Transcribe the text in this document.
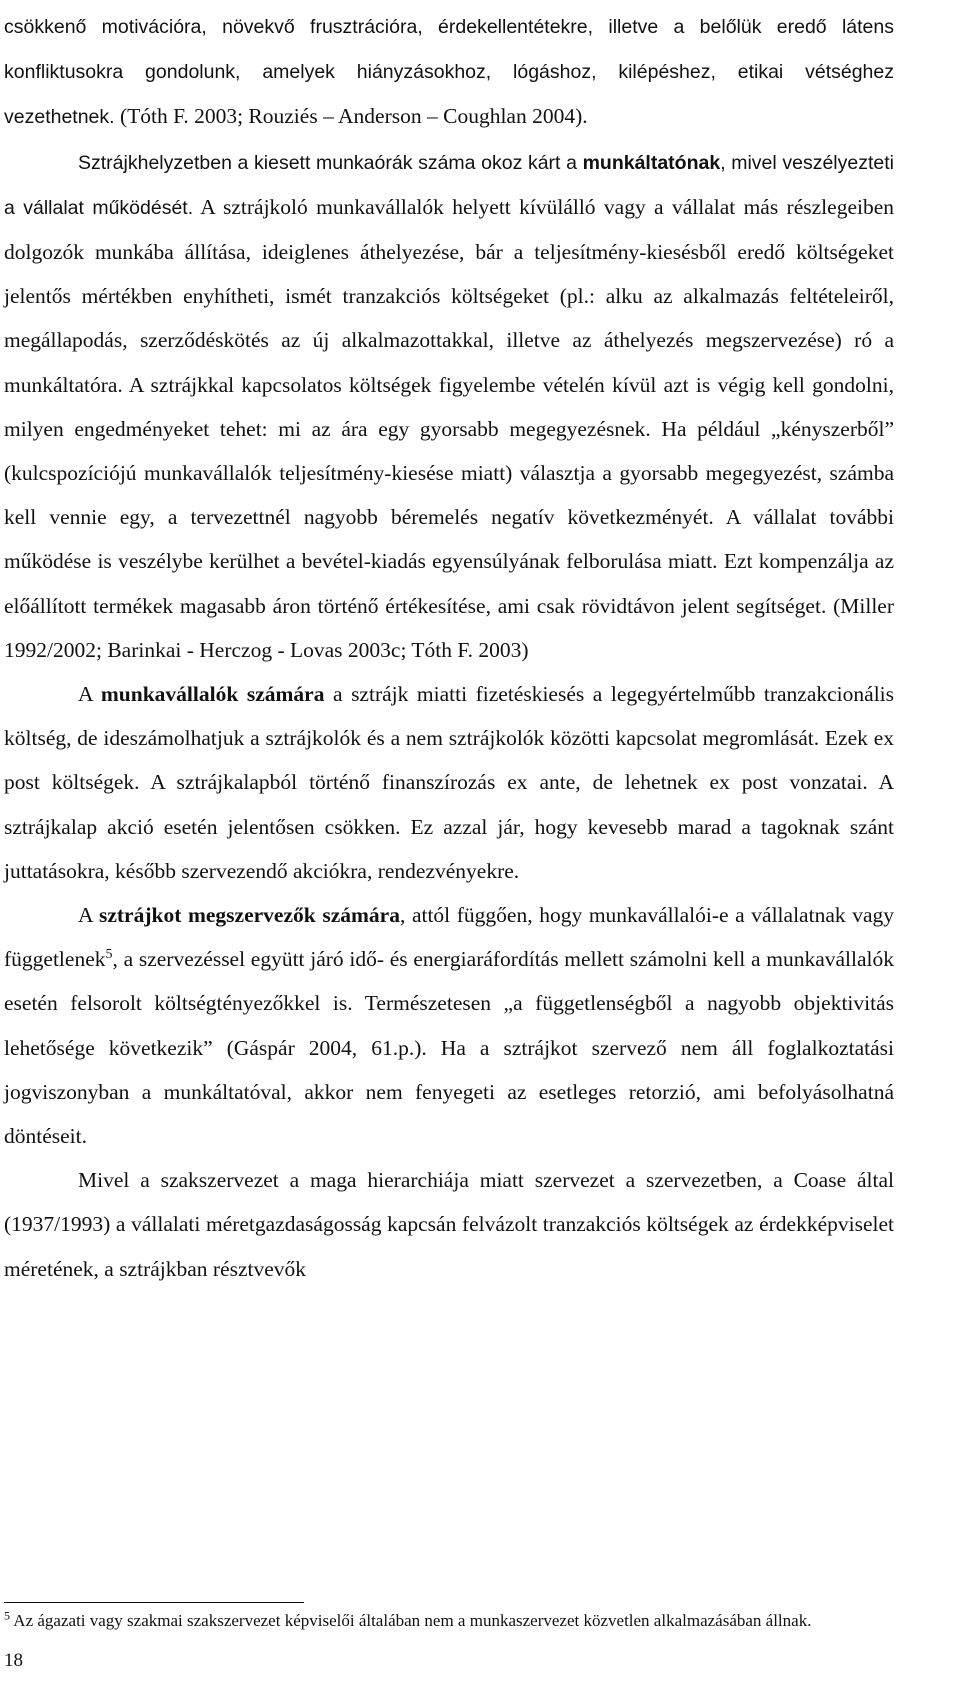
csökkenő motivációra, növekvő frusztrációra, érdekellentétekre, illetve a belőlük eredő látens konfliktusokra gondolunk, amelyek hiányzásokhoz, lógáshoz, kilépéshez, etikai vétséghez vezethetnek. (Tóth F. 2003; Rouziés – Anderson – Coughlan 2004).

Sztrájkhelyzetben a kiesett munkaórák száma okoz kárt a munkáltatónak, mivel veszélyezteti a vállalat működését. A sztrájkoló munkavállalók helyett kívülálló vagy a vállalat más részlegeiben dolgozók munkába állítása, ideiglenes áthelyezése, bár a teljesítmény-kiesésből eredő költségeket jelentős mértékben enyhítheti, ismét tranzakciós költségeket (pl.: alku az alkalmazás feltételeiről, megállapodás, szerződéskötés az új alkalmazottakkal, illetve az áthelyezés megszervezése) ró a munkáltatóra. A sztrájkkal kapcsolatos költségek figyelembe vételén kívül azt is végig kell gondolni, milyen engedményeket tehet: mi az ára egy gyorsabb megegyezésnek. Ha például „kényszerből” (kulcspozíciójú munkavállalók teljesítmény-kiesése miatt) választja a gyorsabb megegyezést, számba kell vennie egy, a tervezettnél nagyobb béremelés negatív következményét. A vállalat további működése is veszélybe kerülhet a bevétel-kiadás egyensúlyának felborulása miatt. Ezt kompenzálja az előállított termékek magasabb áron történő értékesítése, ami csak rövidtávon jelent segítséget. (Miller 1992/2002; Barinkai - Herczog - Lovas 2003c; Tóth F. 2003)

A munkavállalók számára a sztrájk miatti fizetéskiesés a legegyértelműbb tranzakcionális költség, de ideszámolhatjuk a sztrájkolók és a nem sztrájkolók közötti kapcsolat megromlását. Ezek ex post költségek. A sztrájkalapból történő finanszírozás ex ante, de lehetnek ex post vonzatai. A sztrájkalap akció esetén jelentősen csökken. Ez azzal jár, hogy kevesebb marad a tagoknak szánt juttatásokra, később szervezendő akciókra, rendezvényekre.

A sztrájkot megszervezők számára, attól függően, hogy munkavállalói-e a vállalatnak vagy függetlenek$^5$, a szervezéssel együtt járó idő- és energiaráfordítás mellett számolni kell a munkavállalók esetén felsorolt költségtényezőkkel is. Természetesen „a függetlenségből a nagyobb objektivitás lehetősége következik” (Gáspár 2004, 61.p.). Ha a sztrájkot szervező nem áll foglalkoztatási jogviszonyban a munkáltatóval, akkor nem fenyegeti az esetleges retorzió, ami befolyásolhatná döntéseit.

Mivel a szakszervezet a maga hierarchiája miatt szervezet a szervezetben, a Coase által (1937/1993) a vállalati méretgazdaságosság kapcsán felvázolt tranzakciós költségek az érdekképviselet méretének, a sztrájkban résztvevők

$^5$ Az ágazati vagy szakmai szakszervezet képviselői általában nem a munkaszervezet közvetlen alkalmazásában állnak.

18
